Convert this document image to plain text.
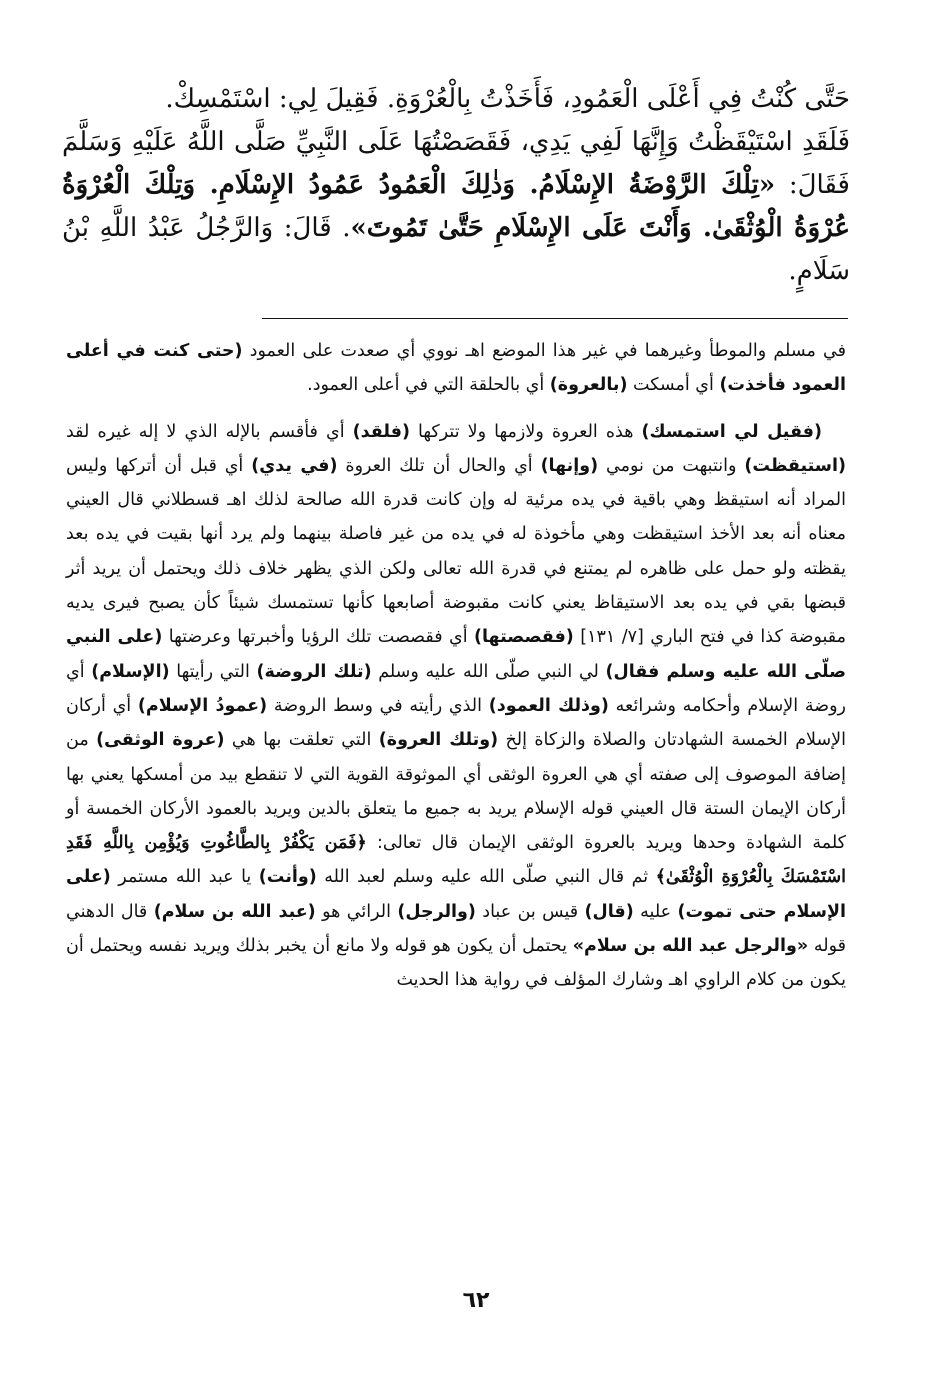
حَتَّى كُنْتُ فِي أَعْلَى الْعَمُودِ، فَأَخَذْتُ بِالْعُرْوَةِ. فَقِيلَ لِي: اسْتَمْسِكْ.

فَلَقَدِ اسْتَيْقَظْتُ وَإِنَّهَا لَفِي يَدِي، فَقَصَصْتُهَا عَلَى النَّبِيِّ صَلَّى اللَّهُ عَلَيْهِ وَسَلَّمَ فَقَالَ: «تِلْكَ الرَّوْضَةُ الإِسْلَامُ. وَذٰلِكَ الْعَمُودُ عَمُودُ الإِسْلَامِ. وَتِلْكَ الْعُرْوَةُ عُرْوَةُ الْوُثْقَىٰ. وَأَنْتَ عَلَى الإِسْلَامِ حَتَّىٰ تَمُوتَ». قَالَ: وَالرَّجُلُ عَبْدُ اللَّهِ بْنُ سَلَامٍ.

في مسلم والموطأ وغيرهما في غير هذا الموضع اهـ نووي أي صعدت على العمود (حتى كنت في أعلى العمود فأخذت) أي أمسكت (بالعروة) أي بالحلقة التي في أعلى العمود.

(فقيل لي استمسك) هذه العروة ولازمها ولا تتركها (فلقد) أي فأقسم بالإله الذي لا إله غيره لقد (استيقظت) وانتبهت من نومي (وإنها) أي والحال أن تلك العروة (في يدي) أي قبل أن أتركها وليس المراد أنه استيقظ وهي باقية في يده مرئية له وإن كانت قدرة الله صالحة لذلك اهـ قسطلاني قال العيني معناه أنه بعد الأخذ استيقظت وهي مأخوذة له في يده من غير فاصلة بينهما ولم يرد أنها بقيت في يده بعد يقظته ولو حمل على ظاهره لم يمتنع في قدرة الله تعالى ولكن الذي يظهر خلاف ذلك ويحتمل أن يريد أثر قبضها بقي في يده بعد الاستيقاظ يعني كانت مقبوضة أصابعها كأنها تستمسك شيئاً كأن يصبح فيرى يديه مقبوضة كذا في فتح الباري [٧/ ١٣١] (فقصصتها) أي فقصصت تلك الرؤيا وأخبرتها وعرضتها (على النبي صلّى الله عليه وسلم فقال) لي النبي صلّى الله عليه وسلم (تلك الروضة) التي رأيتها (الإسلام) أي روضة الإسلام وأحكامه وشرائعه (وذلك العمود) الذي رأيته في وسط الروضة (عمودُ الإسلام) أي أركان الإسلام الخمسة الشهادتان والصلاة والزكاة إلخ (وتلك العروة) التي تعلقت بها هي (عروة الوثقى) من إضافة الموصوف إلى صفته أي هي العروة الوثقى أي الموثوقة القوية التي لا تنقطع بيد من أمسكها يعني بها أركان الإيمان الستة قال العيني قوله الإسلام يريد به جميع ما يتعلق بالدين ويريد بالعمود الأركان الخمسة أو كلمة الشهادة وحدها ويريد بالعروة الوثقى الإيمان قال تعالى: ﴿فَمَن يَكْفُرْ بِالطَّاغُوتِ وَيُؤْمِن بِاللَّهِ فَقَدِ اسْتَمْسَكَ بِالْعُرْوَةِ الْوُثْقَىٰ﴾ ثم قال النبي صلّى الله عليه وسلم لعبد الله (وأنت) يا عبد الله مستمر (على الإسلام حتى تموت) عليه (قال) قيس بن عباد (والرجل) الرائي هو (عبد الله بن سلام) قال الدهني قوله «والرجل عبد الله بن سلام» يحتمل أن يكون هو قوله ولا مانع أن يخبر بذلك ويريد نفسه ويحتمل أن يكون من كلام الراوي اهـ وشارك المؤلف في رواية هذا الحديث

٦٢
